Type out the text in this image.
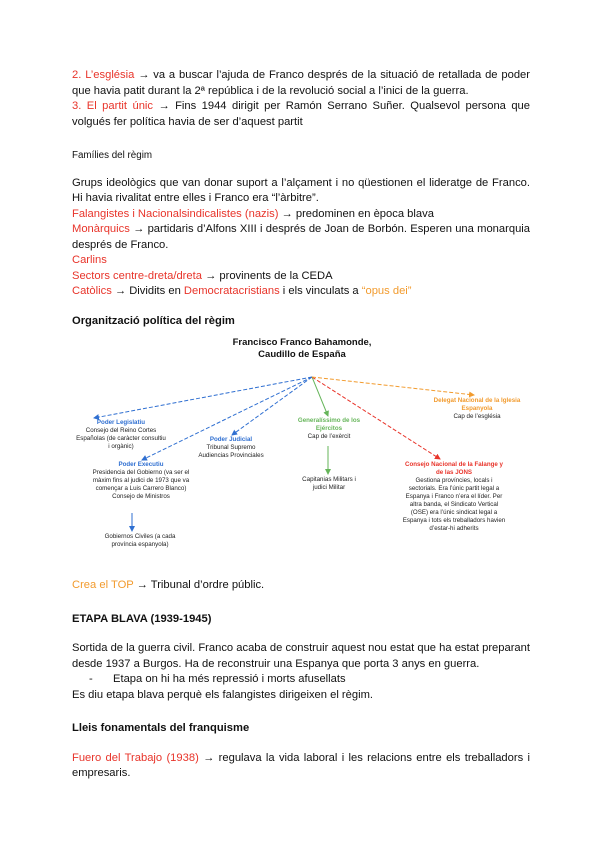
2. L’església → va a buscar l’ajuda de Franco després de la situació de retallada de poder que havia patit durant la 2ª república i de la revolució social a l’inici de la guerra.

3. El partit únic → Fins 1944 dirigit per Ramón Serrano Suñer. Qualsevol persona que volgués fer política havia de ser d’aquest partit

Famílies del règim

Grups ideològics que van donar suport a l’alçament i no qüestionen el lideratge de Franco. Hi havia rivalitat entre elles i Franco era “l’àrbitre”.

Falangistes i Nacionalsindicalistes (nazis) → predominen en època blava

Monàrquics → partidaris d’Alfons XIII i després de Joan de Borbón. Esperen una monarquia després de Franco.

Carlins

Sectors centre-dreta/dreta → provinents de la CEDA

Catòlics → Dividits en Democratacristians i els vinculats a “opus dei”

Organització política del règim

Francisco Franco Bahamonde,
Caudillo de España
Poder Legislatiu
Consejo del Reino Cortes Españolas (de caràcter consultiu i orgànic)
Poder Executiu
Presidencia del Gobierno (va ser el màxim fins al judici de 1973 que va començar a Luis Carrero Blanco) Consejo de Ministros
Gobiernos Civiles (a cada província espanyola)
Poder Judicial
Tribunal Supremo Audiencias Provinciales
Generalíssimo de los Ejércitos
Cap de l’exèrcit
Capitanias Militars i judici Militar
Consejo Nacional de la Falange y de las JONS
Gestiona províncies, locals i sectorials. Era l’únic partit legal a Espanya i Franco n’era el líder. Per altra banda, el Sindicato Vertical (OSE) era l’únic sindicat legal a Espanya i tots els treballadors havien d’estar-hi adherits
Delegat Nacional de la Iglesia Espanyola
Cap de l’església

Crea el TOP → Tribunal d’ordre públic.

ETAPA BLAVA (1939-1945)

Sortida de la guerra civil. Franco acaba de construir aquest nou estat que ha estat preparant desde 1937 a Burgos. Ha de reconstruir una Espanya que porta 3 anys en guerra.

-	Etapa on hi ha més repressió i morts afusellats

Es diu etapa blava perquè els falangistes dirigeixen el règim.

Lleis fonamentals del franquisme

Fuero del Trabajo (1938) → regulava la vida laboral i les relacions entre els treballadors i empresaris.
